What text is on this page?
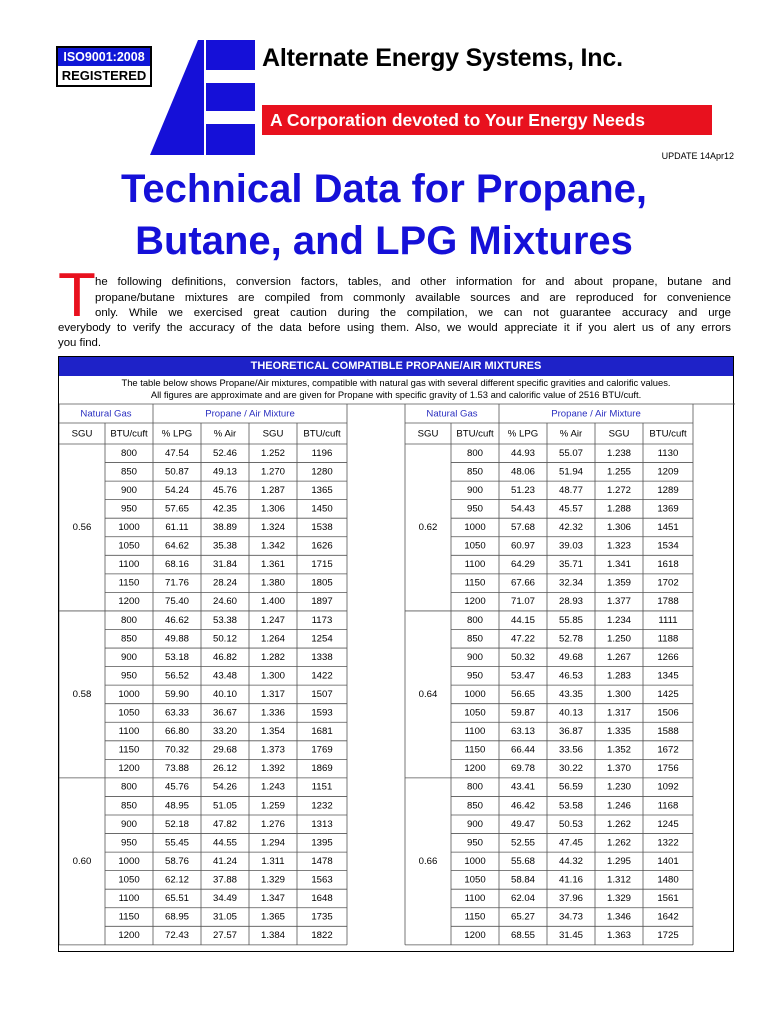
ISO9001:2008
REGISTERED
Alternate Energy Systems, Inc.
A Corporation devoted to Your Energy Needs
UPDATE 14Apr12
Technical Data for Propane,
Butane, and LPG Mixtures
T he following definitions, conversion factors, tables, and other information for and about propane, butane and
propane/butane mixtures are compiled from commonly available sources and are reproduced for convenience
only. While we exercised great caution during the compilation, we can not guarantee accuracy and urge
everybody to verify the accuracy of the data before using them. Also, we would appreciate it if you alert us of any errors
you find.
THEORETICAL COMPATIBLE PROPANE/AIR MIXTURES
The table below shows Propane/Air mixtures, compatible with natural gas with several different specific gravities and calorific values.
All figures are approximate and are given for Propane with specific gravity of 1.53 and calorific value of 2516 BTU/cuft.
Natural Gas	Propane / Air Mixture
SGU BTU/cuft % LPG % Air	SGU BTU/cuft
0.56
800	47.54 52.46 1.252	1196
850	50.87 49.13 1.270	1280
900	54.24 45.76 1.287	1365
950	57.65 42.35 1.306	1450
1000	61.11	38.89 1.324	1538
1050	64.62 35.38 1.342	1626
1100	68.16 31.84 1.361	1715
1150	71.76 28.24 1.380	1805
1200	75.40 24.60 1.400	1897
0.58
800	46.62 53.38 1.247	1173
850	49.88 50.12 1.264	1254
900	53.18 46.82 1.282	1338
950	56.52 43.48 1.300	1422
1000	59.90 40.10 1.317	1507
1050	63.33 36.67 1.336	1593
1100	66.80 33.20 1.354	1681
1150	70.32 29.68 1.373	1769
1200	73.88 26.12 1.392	1869
0.60
800	45.76 54.26 1.243	1151
850	48.95 51.05 1.259	1232
900	52.18 47.82 1.276	1313
950	55.45 44.55 1.294	1395
1000	58.76 41.24	1.311	1478
1050	62.12 37.88 1.329	1563
1100	65.51 34.49 1.347	1648
1150	68.95 31.05 1.365	1735
1200	72.43 27.57 1.384	1822
Natural Gas	Propane / Air Mixture
SGU BTU/cuft % LPG % Air	SGU BTU/cuft
0.62
800	44.93 55.07 1.238	1130
850	48.06 51.94 1.255	1209
900	51.23 48.77 1.272	1289
950	54.43 45.57 1.288	1369
1000	57.68 42.32 1.306	1451
1050	60.97 39.03 1.323	1534
1100	64.29 35.71 1.341	1618
1150	67.66 32.34 1.359	1702
1200	71.07 28.93 1.377	1788
0.64
800	44.15 55.85 1.234	1111
850	47.22 52.78 1.250	1188
900	50.32 49.68 1.267	1266
950	53.47 46.53 1.283	1345
1000	56.65 43.35 1.300	1425
1050	59.87 40.13 1.317	1506
1100	63.13 36.87 1.335	1588
1150	66.44 33.56 1.352	1672
1200	69.78 30.22 1.370	1756
0.66
800	43.41 56.59 1.230	1092
850	46.42 53.58 1.246	1168
900	49.47 50.53 1.262	1245
950	52.55 47.45 1.262	1322
1000	55.68 44.32 1.295	1401
1050	58.84 41.16 1.312	1480
1100	62.04 37.96 1.329	1561
1150	65.27 34.73 1.346	1642
1200	68.55 31.45 1.363	1725
